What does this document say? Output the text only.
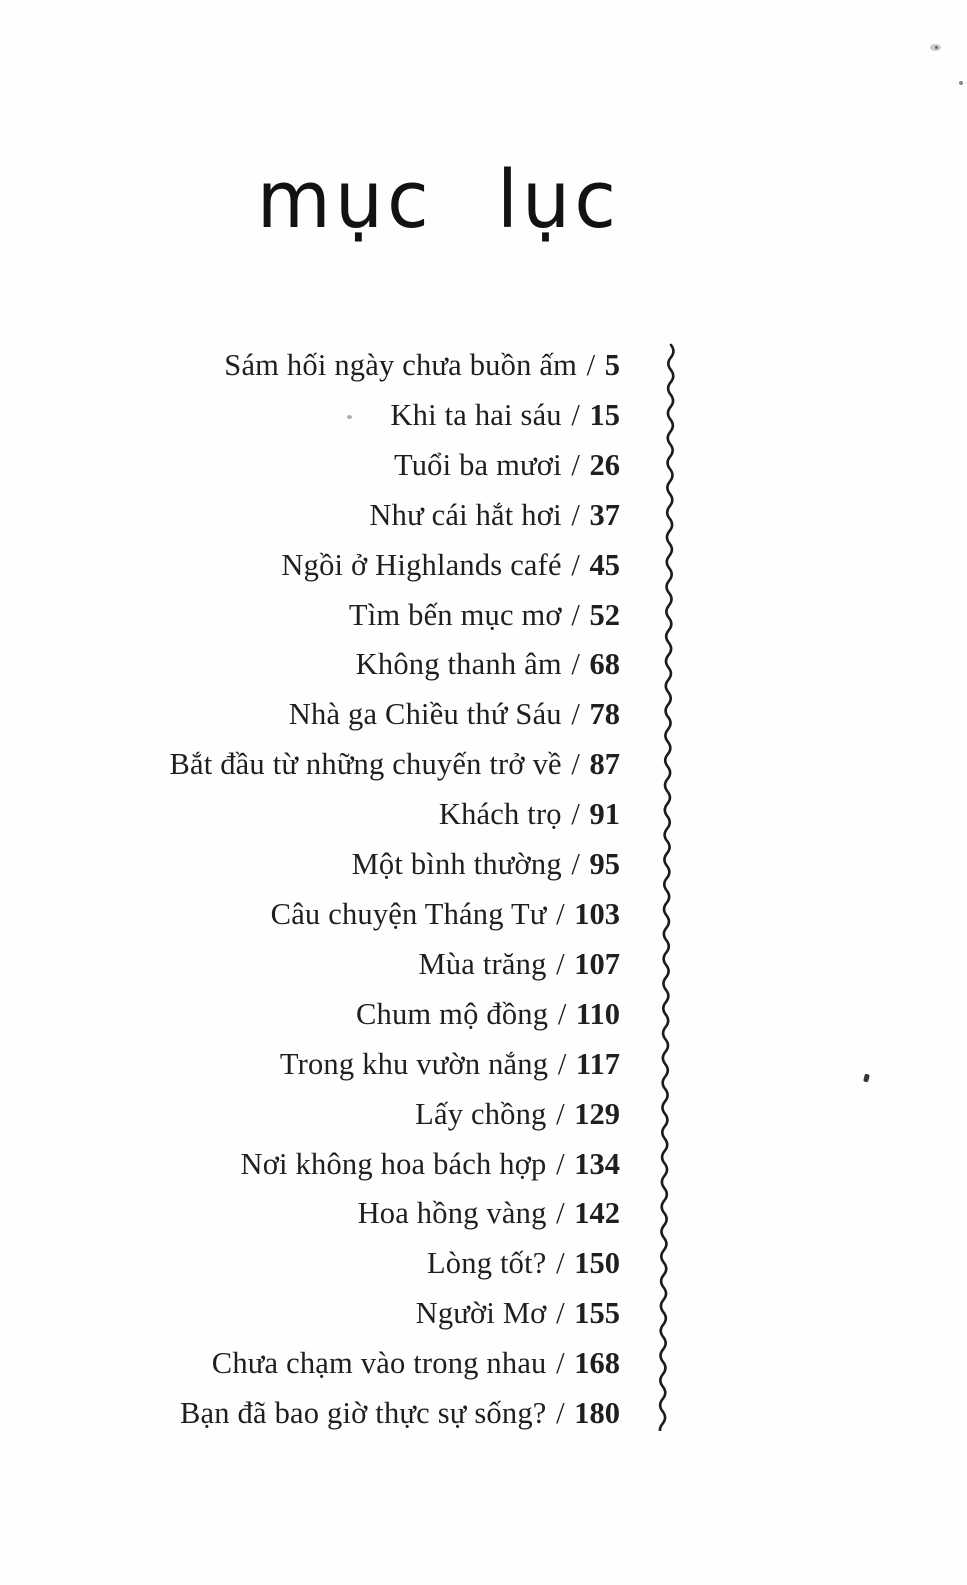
mục lục
Sám hối ngày chưa buồn ấm / 5
Khi ta hai sáu / 15
Tuổi ba mươi / 26
Như cái hắt hơi / 37
Ngồi ở Highlands café / 45
Tìm bến mục mơ / 52
Không thanh âm / 68
Nhà ga Chiều thứ Sáu / 78
Bắt đầu từ những chuyến trở về / 87
Khách trọ / 91
Một bình thường / 95
Câu chuyện Tháng Tư / 103
Mùa trăng / 107
Chum mộ đồng / 110
Trong khu vườn nắng / 117
Lấy chồng / 129
Nơi không hoa bách hợp / 134
Hoa hồng vàng / 142
Lòng tốt? / 150
Người Mơ / 155
Chưa chạm vào trong nhau / 168
Bạn đã bao giờ thực sự sống? / 180
